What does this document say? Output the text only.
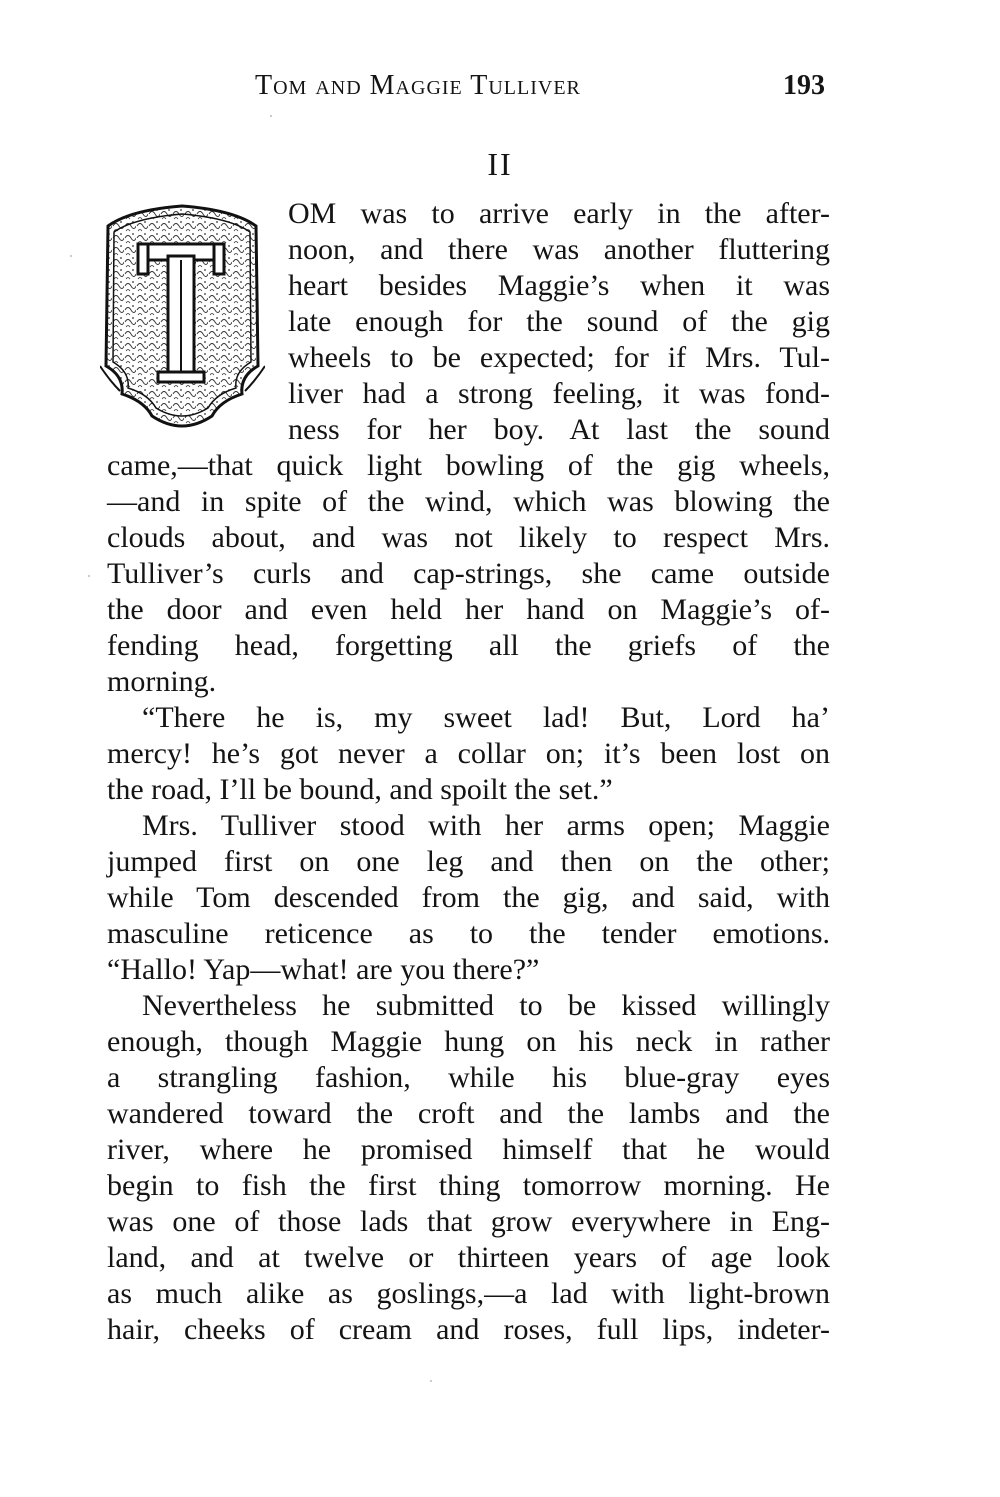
Tom and Maggie Tulliver	193
II
OM was to arrive early in the after-
noon, and there was another fluttering
heart besides Maggie’s when it was
late enough for the sound of the gig
wheels to be expected; for if Mrs. Tul-
liver had a strong feeling, it was fond-
ness for her boy. At last the sound
came,—that quick light bowling of the gig wheels,
—and in spite of the wind, which was blowing the
clouds about, and was not likely to respect Mrs.
Tulliver’s curls and cap-strings, she came outside
the door and even held her hand on Maggie’s of-
fending head, forgetting all the griefs of the
morning.
“There he is, my sweet lad! But, Lord ha’
mercy! he’s got never a collar on; it’s been lost on
the road, I’ll be bound, and spoilt the set.”
Mrs. Tulliver stood with her arms open; Maggie
jumped first on one leg and then on the other;
while Tom descended from the gig, and said, with
masculine reticence as to the tender emotions.
“Hallo! Yap—what! are you there?”
Nevertheless he submitted to be kissed willingly
enough, though Maggie hung on his neck in rather
a strangling fashion, while his blue-gray eyes
wandered toward the croft and the lambs and the
river, where he promised himself that he would
begin to fish the first thing tomorrow morning. He
was one of those lads that grow everywhere in Eng-
land, and at twelve or thirteen years of age look
as much alike as goslings,—a lad with light-brown
hair, cheeks of cream and roses, full lips, indeter-
